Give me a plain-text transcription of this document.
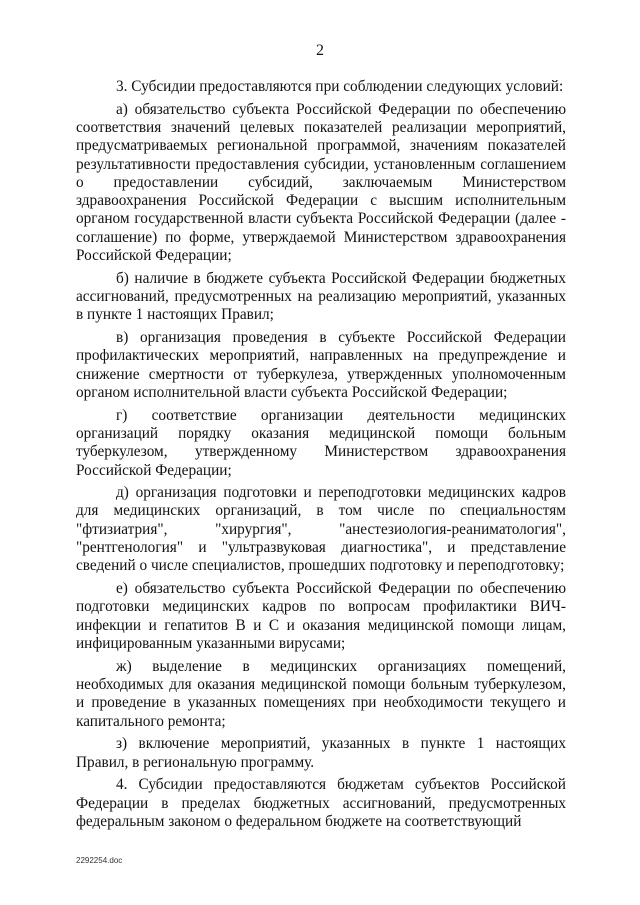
2

3. Субсидии предоставляются при соблюдении следующих условий:

а) обязательство субъекта Российской Федерации по обеспечению соответствия значений целевых показателей реализации мероприятий, предусматриваемых региональной программой, значениям показателей результативности предоставления субсидии, установленным соглашением о предоставлении субсидий, заключаемым Министерством здравоохранения Российской Федерации с высшим исполнительным органом государственной власти субъекта Российской Федерации (далее - соглашение) по форме, утверждаемой Министерством здравоохранения Российской Федерации;

б) наличие в бюджете субъекта Российской Федерации бюджетных ассигнований, предусмотренных на реализацию мероприятий, указанных в пункте 1 настоящих Правил;

в) организация проведения в субъекте Российской Федерации профилактических мероприятий, направленных на предупреждение и снижение смертности от туберкулеза, утвержденных уполномоченным органом исполнительной власти субъекта Российской Федерации;

г) соответствие организации деятельности медицинских организаций порядку оказания медицинской помощи больным туберкулезом, утвержденному Министерством здравоохранения Российской Федерации;

д) организация подготовки и переподготовки медицинских кадров для медицинских организаций, в том числе по специальностям "фтизиатрия", "хирургия", "анестезиология-реаниматология", "рентгенология" и "ультразвуковая диагностика", и представление сведений о числе специалистов, прошедших подготовку и переподготовку;

е) обязательство субъекта Российской Федерации по обеспечению подготовки медицинских кадров по вопросам профилактики ВИЧ-инфекции и гепатитов В и С и оказания медицинской помощи лицам, инфицированным указанными вирусами;

ж) выделение в медицинских организациях помещений, необходимых для оказания медицинской помощи больным туберкулезом, и проведение в указанных помещениях при необходимости текущего и капитального ремонта;

з) включение мероприятий, указанных в пункте 1 настоящих Правил, в региональную программу.

4. Субсидии предоставляются бюджетам субъектов Российской Федерации в пределах бюджетных ассигнований, предусмотренных федеральным законом о федеральном бюджете на соответствующий

2292254.doc
